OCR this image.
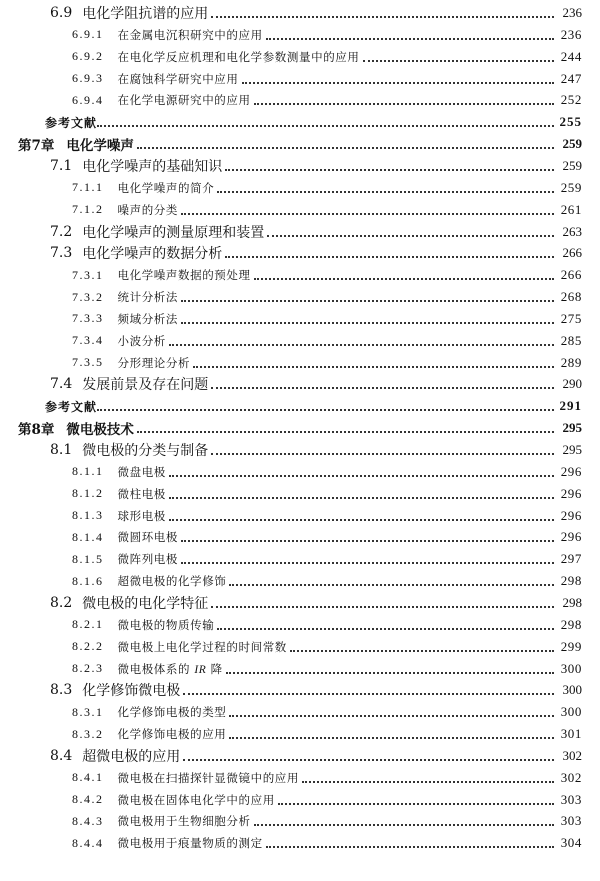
6.9 电化学阻抗谱的应用	236
6.9.1	在金属电沉积研究中的应用	236
6.9.2	在电化学反应机理和电化学参数测量中的应用	244
6.9.3	在腐蚀科学研究中应用	247
6.9.4	在化学电源研究中的应用	252
参考文献	255
第7章 电化学噪声	259
7.1 电化学噪声的基础知识	259
7.1.1	电化学噪声的简介	259
7.1.2	噪声的分类	261
7.2 电化学噪声的测量原理和装置	263
7.3 电化学噪声的数据分析	266
7.3.1	电化学噪声数据的预处理	266
7.3.2	统计分析法	268
7.3.3	频域分析法	275
7.3.4	小波分析	285
7.3.5	分形理论分析	289
7.4 发展前景及存在问题	290
参考文献	291
第8章 微电极技术	295
8.1 微电极的分类与制备	295
8.1.1	微盘电极	296
8.1.2	微柱电极	296
8.1.3	球形电极	296
8.1.4	微圆环电极	296
8.1.5	微阵列电极	297
8.1.6	超微电极的化学修饰	298
8.2 微电极的电化学特征	298
8.2.1	微电极的物质传输	298
8.2.2	微电极上电化学过程的时间常数	299
8.2.3	微电极体系的 IR 降	300
8.3 化学修饰微电极	300
8.3.1	化学修饰电极的类型	300
8.3.2	化学修饰电极的应用	301
8.4 超微电极的应用	302
8.4.1	微电极在扫描探针显微镜中的应用	302
8.4.2	微电极在固体电化学中的应用	303
8.4.3	微电极用于生物细胞分析	303
8.4.4	微电极用于痕量物质的测定	304
